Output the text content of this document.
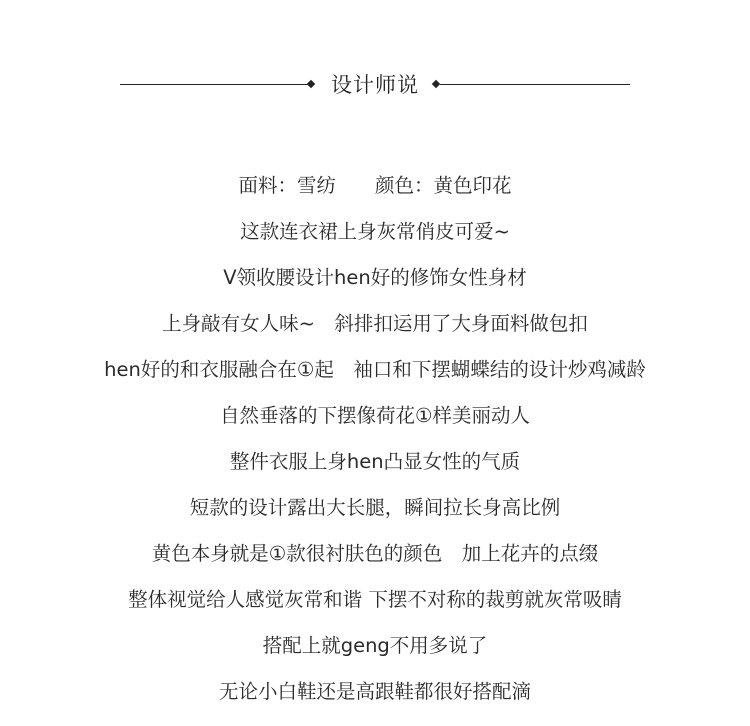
设计师说
面料：雪纺　　颜色：黄色印花
这款连衣裙上身灰常俏皮可爱~
V领收腰设计hen好的修饰女性身材
上身敲有女人味~　斜排扣运用了大身面料做包扣
hen好的和衣服融合在①起　袖口和下摆蝴蝶结的设计炒鸡减龄
自然垂落的下摆像荷花①样美丽动人
整件衣服上身hen凸显女性的气质
短款的设计露出大长腿，瞬间拉长身高比例
黄色本身就是①款很衬肤色的颜色　加上花卉的点缀
整体视觉给人感觉灰常和谐 下摆不对称的裁剪就灰常吸睛
搭配上就geng不用多说了
无论小白鞋还是高跟鞋都很好搭配滴
